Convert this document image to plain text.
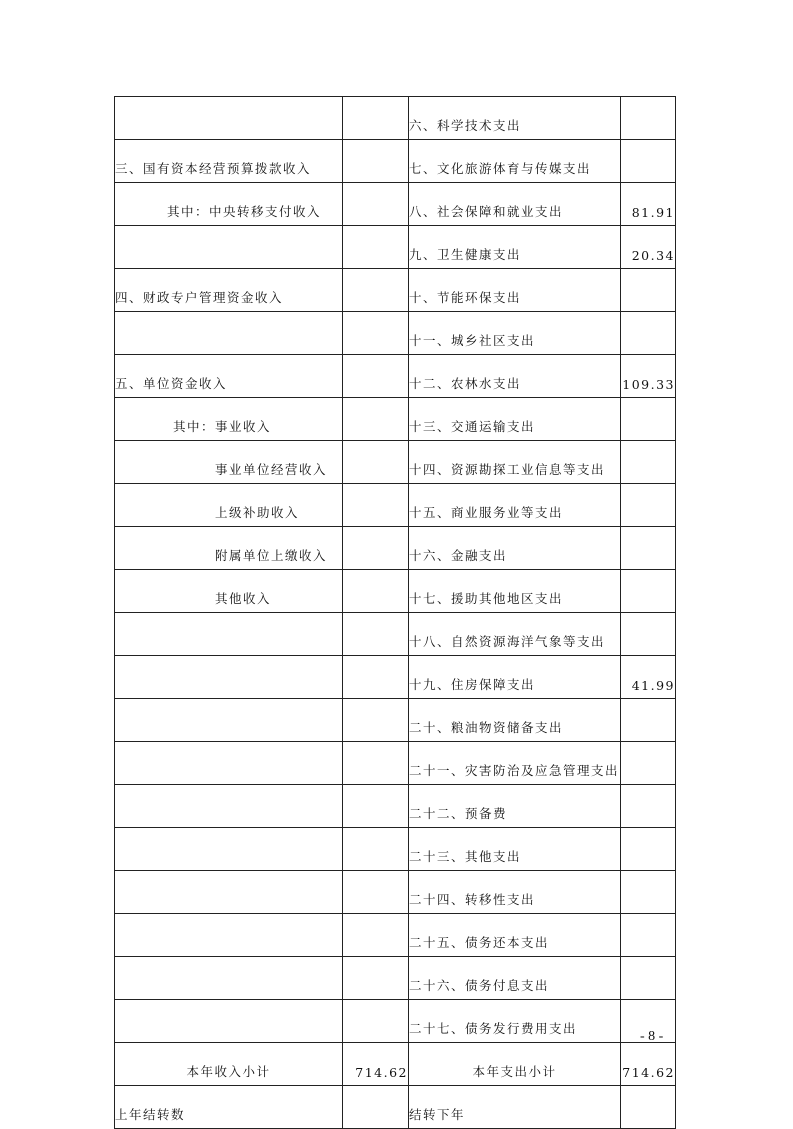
		六、科学技术支出	
三、国有资本经营预算拨款收入		七、文化旅游体育与传媒支出	
其中：中央转移支付收入		八、社会保障和就业支出	81.91
		九、卫生健康支出	20.34
四、财政专户管理资金收入		十、节能环保支出	
		十一、城乡社区支出	
五、单位资金收入		十二、农林水支出	109.33
其中：事业收入		十三、交通运输支出	
事业单位经营收入		十四、资源勘探工业信息等支出	
上级补助收入		十五、商业服务业等支出	
附属单位上缴收入		十六、金融支出	
其他收入		十七、援助其他地区支出	
		十八、自然资源海洋气象等支出	
		十九、住房保障支出	41.99
		二十、粮油物资储备支出	
		二十一、灾害防治及应急管理支出	
		二十二、预备费	
		二十三、其他支出	
		二十四、转移性支出	
		二十五、债务还本支出	
		二十六、债务付息支出	
		二十七、债务发行费用支出	
本年收入小计	714.62	本年支出小计	714.62
上年结转数		结转下年	
- 8 -
